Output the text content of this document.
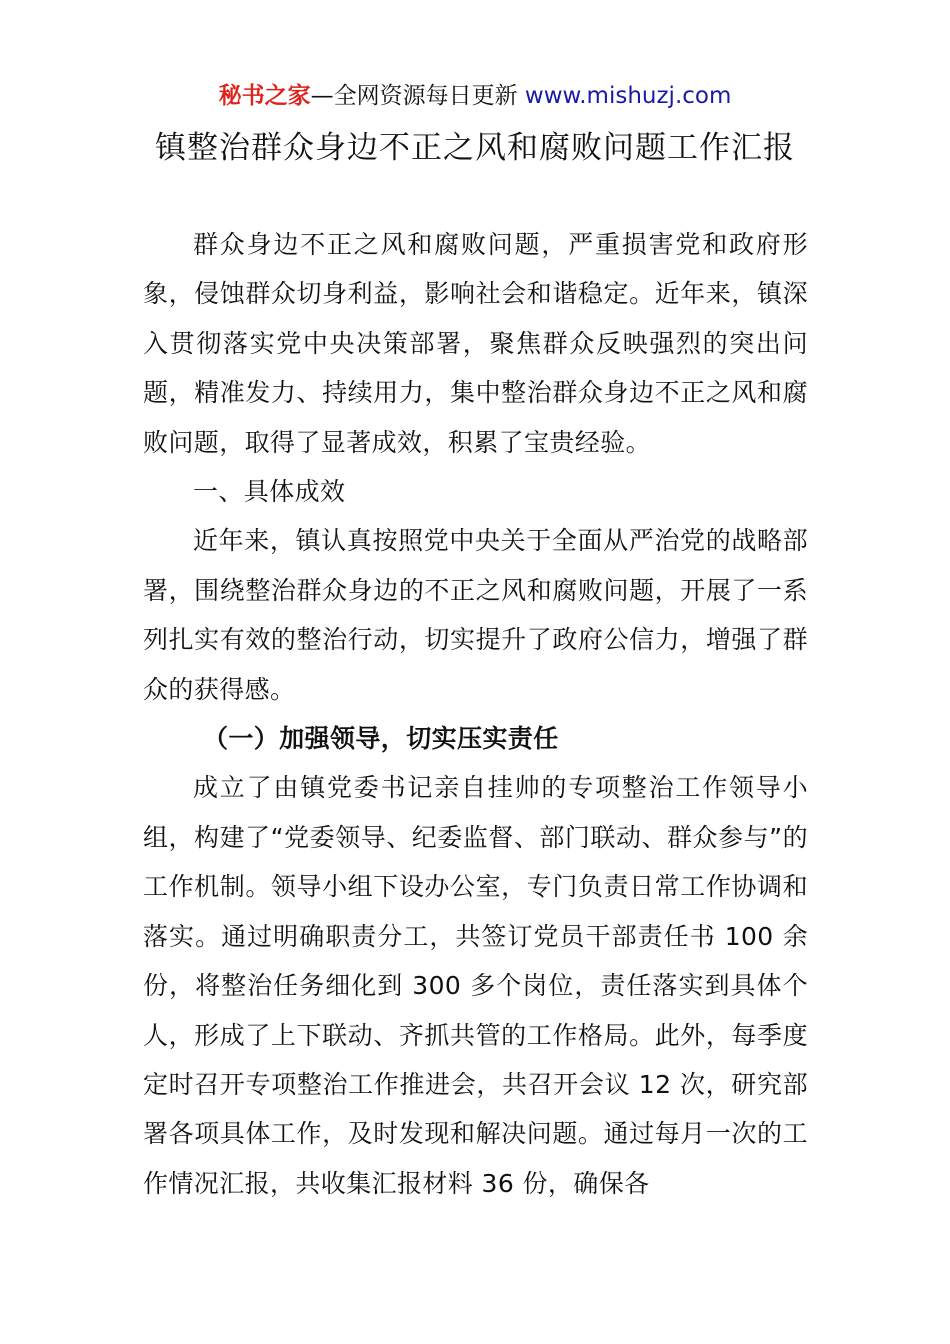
秘书之家—全网资源每日更新 www.mishuzj.com
镇整治群众身边不正之风和腐败问题工作汇报

群众身边不正之风和腐败问题，严重损害党和政府形象，侵蚀群众切身利益，影响社会和谐稳定。近年来，镇深入贯彻落实党中央决策部署，聚焦群众反映强烈的突出问题，精准发力、持续用力，集中整治群众身边不正之风和腐败问题，取得了显著成效，积累了宝贵经验。

一、具体成效

近年来，镇认真按照党中央关于全面从严治党的战略部署，围绕整治群众身边的不正之风和腐败问题，开展了一系列扎实有效的整治行动，切实提升了政府公信力，增强了群众的获得感。

（一）加强领导，切实压实责任

成立了由镇党委书记亲自挂帅的专项整治工作领导小组，构建了“党委领导、纪委监督、部门联动、群众参与”的工作机制。领导小组下设办公室，专门负责日常工作协调和落实。通过明确职责分工，共签订党员干部责任书 100 余份，将整治任务细化到 300 多个岗位，责任落实到具体个人，形成了上下联动、齐抓共管的工作格局。此外，每季度定时召开专项整治工作推进会，共召开会议 12 次，研究部署各项具体工作，及时发现和解决问题。通过每月一次的工作情况汇报，共收集汇报材料 36 份，确保各
